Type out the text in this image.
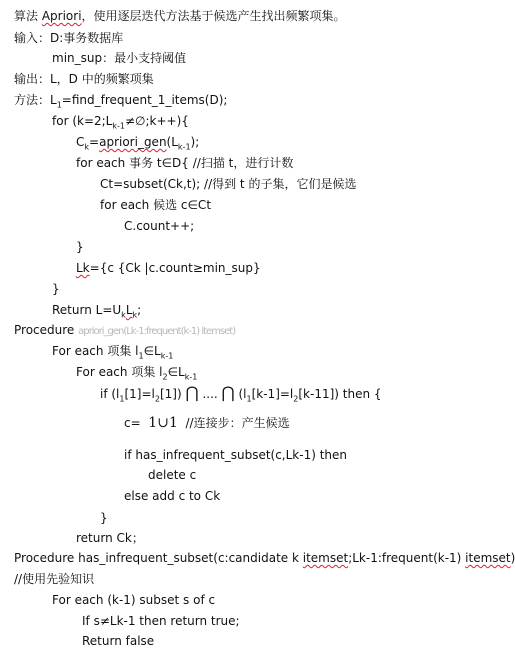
算法 Apriori，使用逐层迭代方法基于候选产生找出频繁项集。
输入：D:事务数据库
min_sup：最小支持阈值
输出：L，D 中的频繁项集
方法：$L_1=find\_frequent\_1\_items(D)$;
for $(k=2;L_{k-1}\ne\emptyset;k++)${
$C_k=apriori\_gen(L_{k-1})$;
for each 事务 t∈D{ //扫描 t，进行计数
Ct=subset(Ck,t); //得到 t 的子集，它们是候选
for each 候选 c∈Ct
C.count++;
}
Lk={c {Ck |c.count≥min_sup}
}
Return $L=U_kL_k$;
Procedure apriori_gen(Lk-1:frequent(k-1) itemset)
For each 项集 $l_1\in L_{k-1}$
For each 项集 $l_2\in L_{k-1}$
if $(l_1[1]=l_2[1])$ ⋂ .... ⋂ $(l_1[k-1]=l_2[k-11])$ then {
c= 1∪1 //连接步：产生候选
if has_infrequent_subset(c,Lk-1) then
delete c
else add c to Ck
}
return Ck；
Procedure has_infrequent_subset(c:candidate k itemset;Lk-1:frequent(k-1) itemset)
//使用先验知识
For each (k-1) subset s of c
If s≠Lk-1 then return true;
Return false
